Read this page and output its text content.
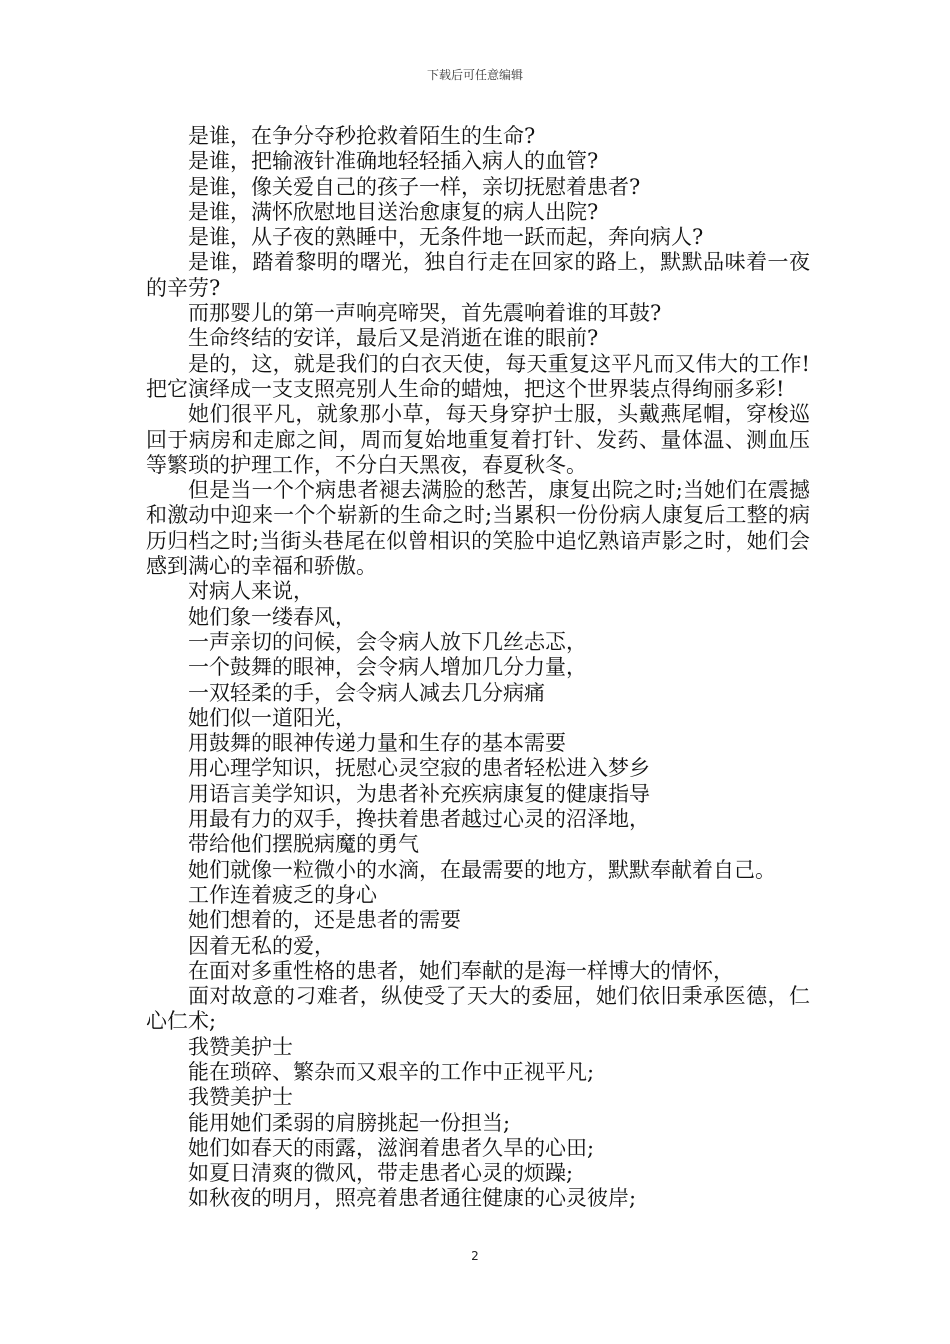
下载后可任意编辑

是谁，在争分夺秒抢救着陌生的生命?

是谁，把输液针准确地轻轻插入病人的血管?

是谁，像关爱自己的孩子一样，亲切抚慰着患者?

是谁，满怀欣慰地目送治愈康复的病人出院?

是谁，从子夜的熟睡中，无条件地一跃而起，奔向病人?

是谁，踏着黎明的曙光，独自行走在回家的路上，默默品味着一夜的辛劳?

而那婴儿的第一声响亮啼哭，首先震响着谁的耳鼓?

生命终结的安详，最后又是消逝在谁的眼前?

是的，这，就是我们的白衣天使，每天重复这平凡而又伟大的工作!把它演绎成一支支照亮别人生命的蜡烛，把这个世界装点得绚丽多彩!

她们很平凡，就象那小草，每天身穿护士服，头戴燕尾帽，穿梭巡回于病房和走廊之间，周而复始地重复着打针、发药、量体温、测血压等繁琐的护理工作，不分白天黑夜，春夏秋冬。

但是当一个个病患者褪去满脸的愁苦，康复出院之时;当她们在震撼和激动中迎来一个个崭新的生命之时;当累积一份份病人康复后工整的病历归档之时;当街头巷尾在似曾相识的笑脸中追忆熟谙声影之时，她们会感到满心的幸福和骄傲。

对病人来说，

她们象一缕春风，

一声亲切的问候，会令病人放下几丝忐忑，

一个鼓舞的眼神，会令病人增加几分力量，

一双轻柔的手，会令病人减去几分病痛

她们似一道阳光，

用鼓舞的眼神传递力量和生存的基本需要

用心理学知识，抚慰心灵空寂的患者轻松进入梦乡

用语言美学知识，为患者补充疾病康复的健康指导

用最有力的双手，搀扶着患者越过心灵的沼泽地，

带给他们摆脱病魔的勇气

她们就像一粒微小的水滴，在最需要的地方，默默奉献着自己。

工作连着疲乏的身心

她们想着的，还是患者的需要

因着无私的爱，

在面对多重性格的患者，她们奉献的是海一样博大的情怀，

面对故意的刁难者，纵使受了天大的委屈，她们依旧秉承医德，仁心仁术;

我赞美护士

能在琐碎、繁杂而又艰辛的工作中正视平凡;

我赞美护士

能用她们柔弱的肩膀挑起一份担当;

她们如春天的雨露，滋润着患者久旱的心田;

如夏日清爽的微风，带走患者心灵的烦躁;

如秋夜的明月，照亮着患者通往健康的心灵彼岸;

2
